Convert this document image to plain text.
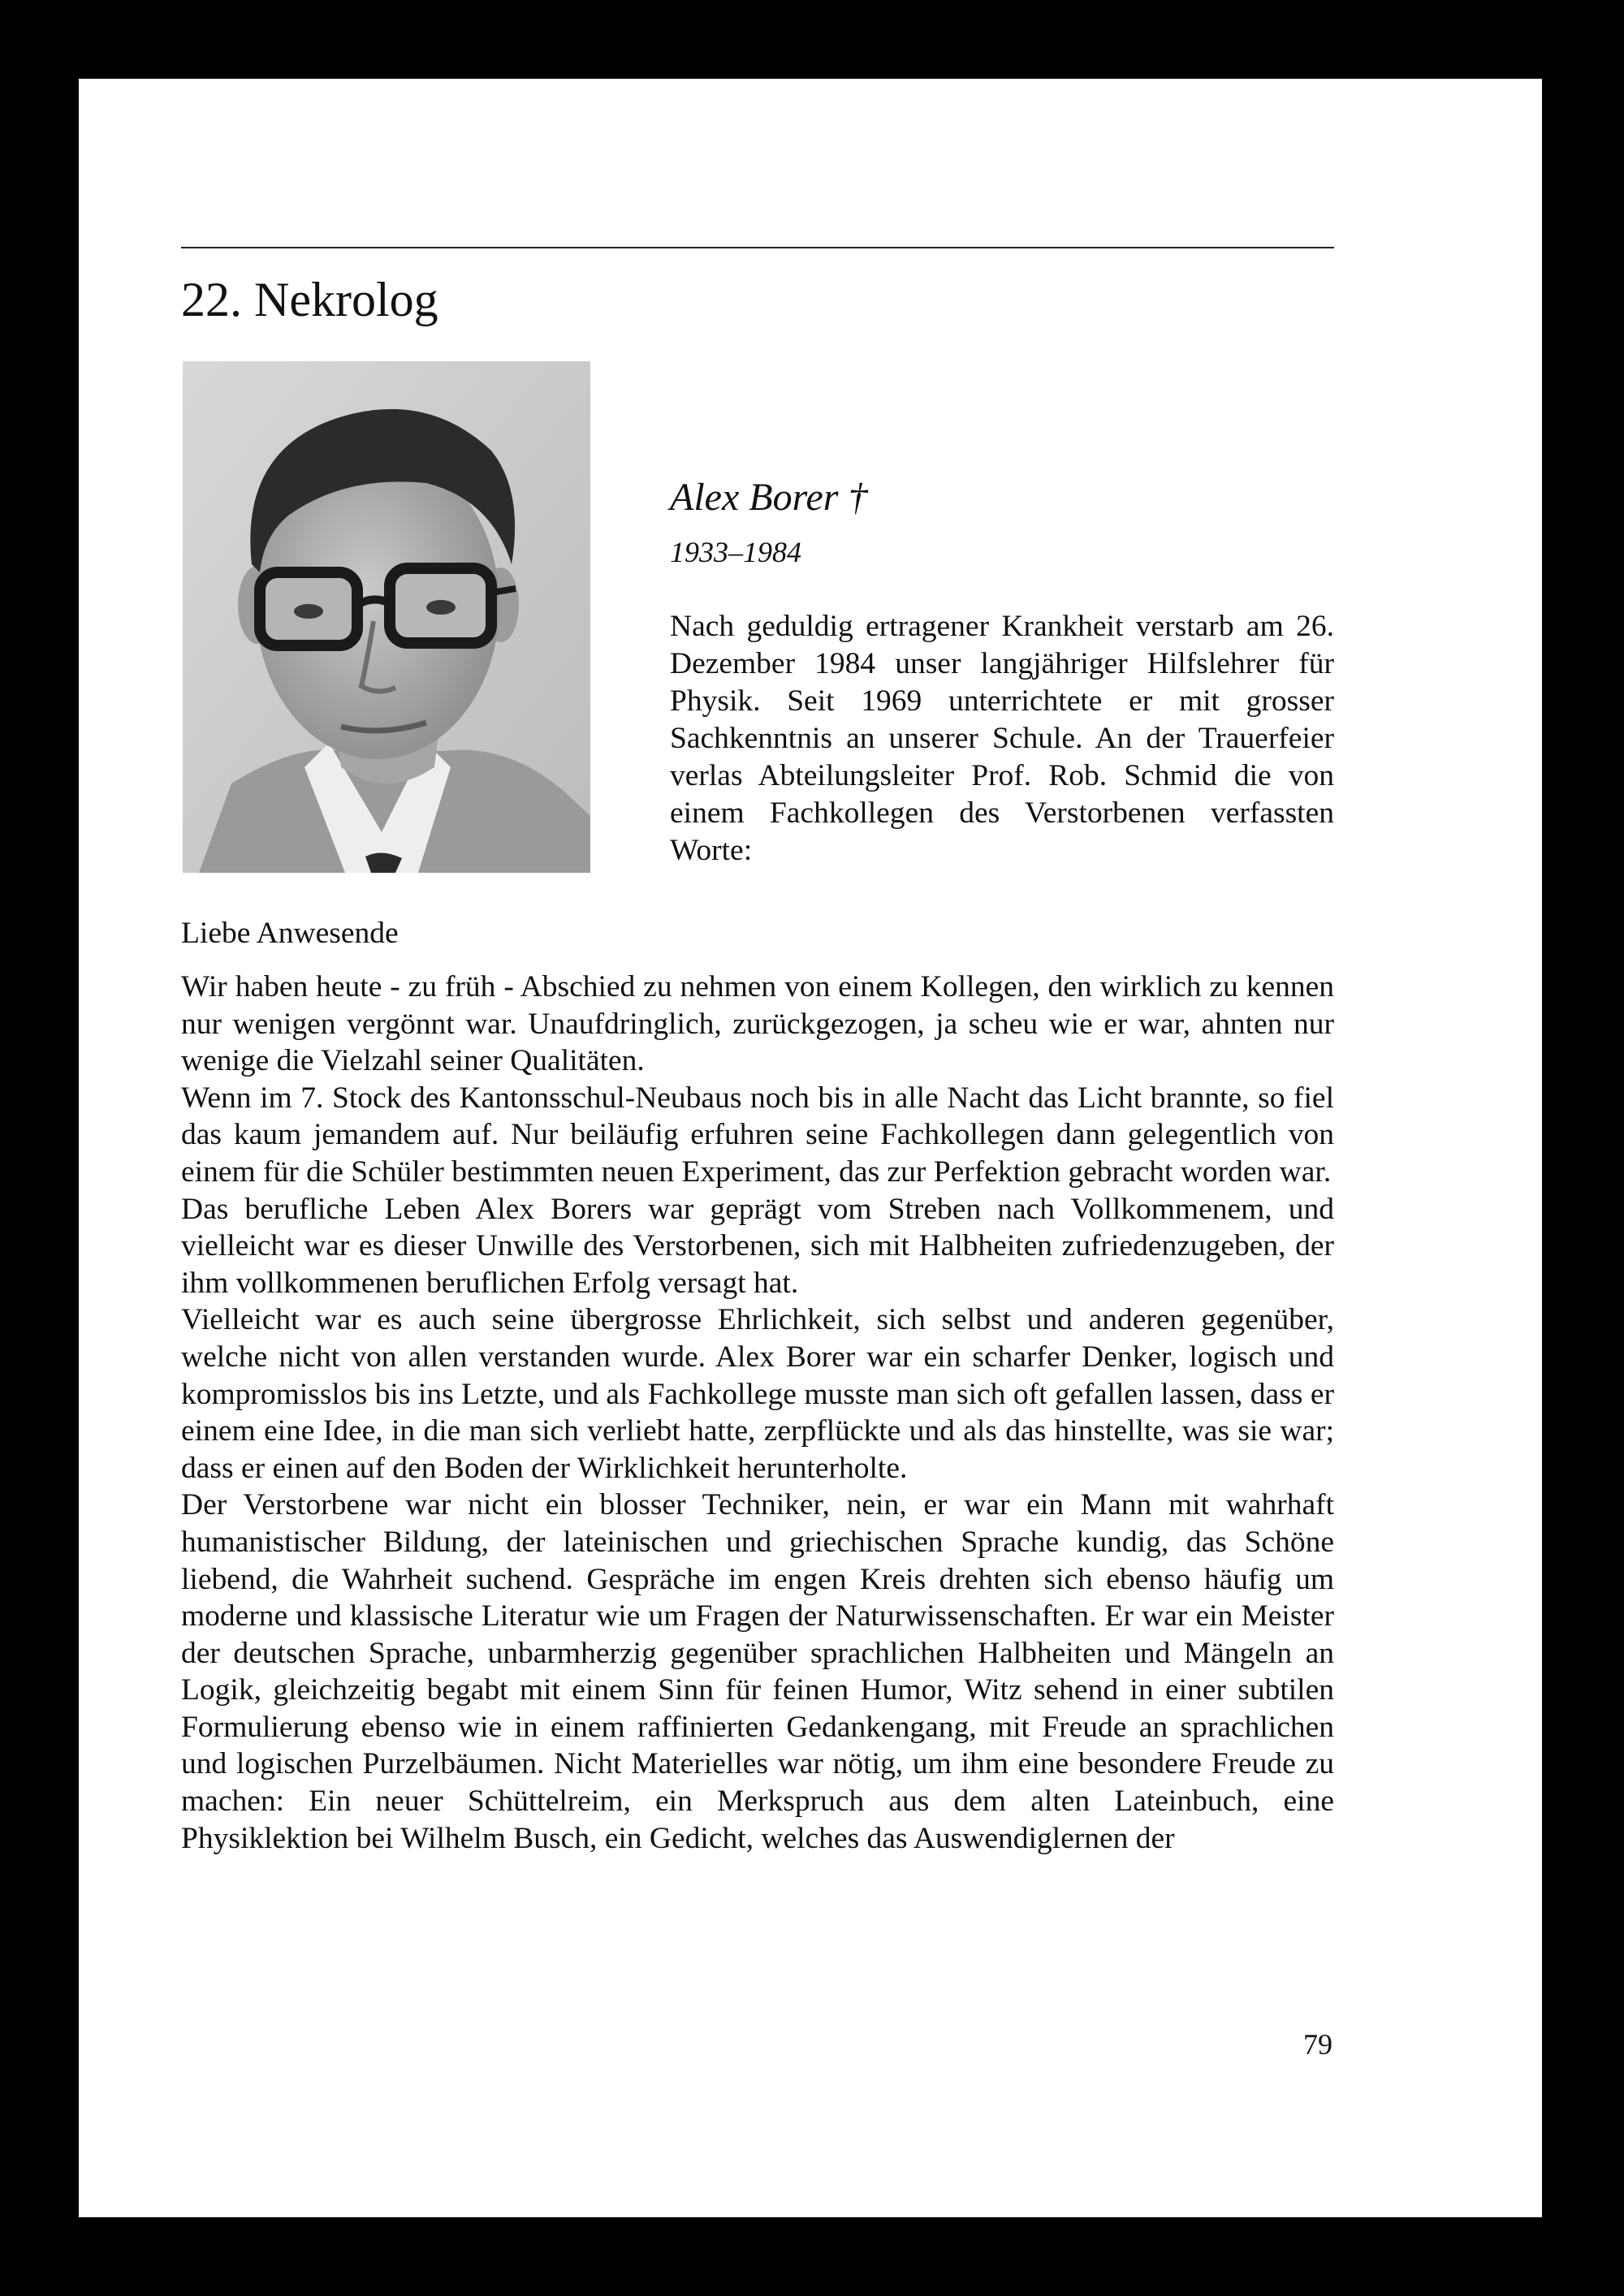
22. Nekrolog
Alex Borer †
1933–1984

Nach geduldig ertragener Krankheit verstarb am 26. Dezember 1984 unser langjähriger Hilfslehrer für Physik. Seit 1969 unterrichtete er mit grosser Sachkenntnis an unserer Schule. An der Trauerfeier verlas Abteilungsleiter Prof. Rob. Schmid die von einem Fachkollegen des Verstorbenen verfassten Worte:

Liebe Anwesende

Wir haben heute - zu früh - Abschied zu nehmen von einem Kollegen, den wirklich zu kennen nur wenigen vergönnt war. Unaufdringlich, zurückgezogen, ja scheu wie er war, ahnten nur wenige die Vielzahl seiner Qualitäten.

Wenn im 7. Stock des Kantonsschul-Neubaus noch bis in alle Nacht das Licht brannte, so fiel das kaum jemandem auf. Nur beiläufig erfuhren seine Fachkollegen dann gelegentlich von einem für die Schüler bestimmten neuen Experiment, das zur Perfektion gebracht worden war.

Das berufliche Leben Alex Borers war geprägt vom Streben nach Vollkommenem, und vielleicht war es dieser Unwille des Verstorbenen, sich mit Halbheiten zufriedenzugeben, der ihm vollkommenen beruflichen Erfolg versagt hat.

Vielleicht war es auch seine übergrosse Ehrlichkeit, sich selbst und anderen gegenüber, welche nicht von allen verstanden wurde. Alex Borer war ein scharfer Denker, logisch und kompromisslos bis ins Letzte, und als Fachkollege musste man sich oft gefallen lassen, dass er einem eine Idee, in die man sich verliebt hatte, zerpflückte und als das hinstellte, was sie war; dass er einen auf den Boden der Wirklichkeit herunterholte.

Der Verstorbene war nicht ein blosser Techniker, nein, er war ein Mann mit wahrhaft humanistischer Bildung, der lateinischen und griechischen Sprache kundig, das Schöne liebend, die Wahrheit suchend. Gespräche im engen Kreis drehten sich ebenso häufig um moderne und klassische Literatur wie um Fragen der Naturwissenschaften. Er war ein Meister der deutschen Sprache, unbarmherzig gegenüber sprachlichen Halbheiten und Mängeln an Logik, gleichzeitig begabt mit einem Sinn für feinen Humor, Witz sehend in einer subtilen Formulierung ebenso wie in einem raffinierten Gedankengang, mit Freude an sprachlichen und logischen Purzelbäumen. Nicht Materielles war nötig, um ihm eine besondere Freude zu machen: Ein neuer Schüttelreim, ein Merkspruch aus dem alten Lateinbuch, eine Physiklektion bei Wilhelm Busch, ein Gedicht, welches das Auswendiglernen der

79
